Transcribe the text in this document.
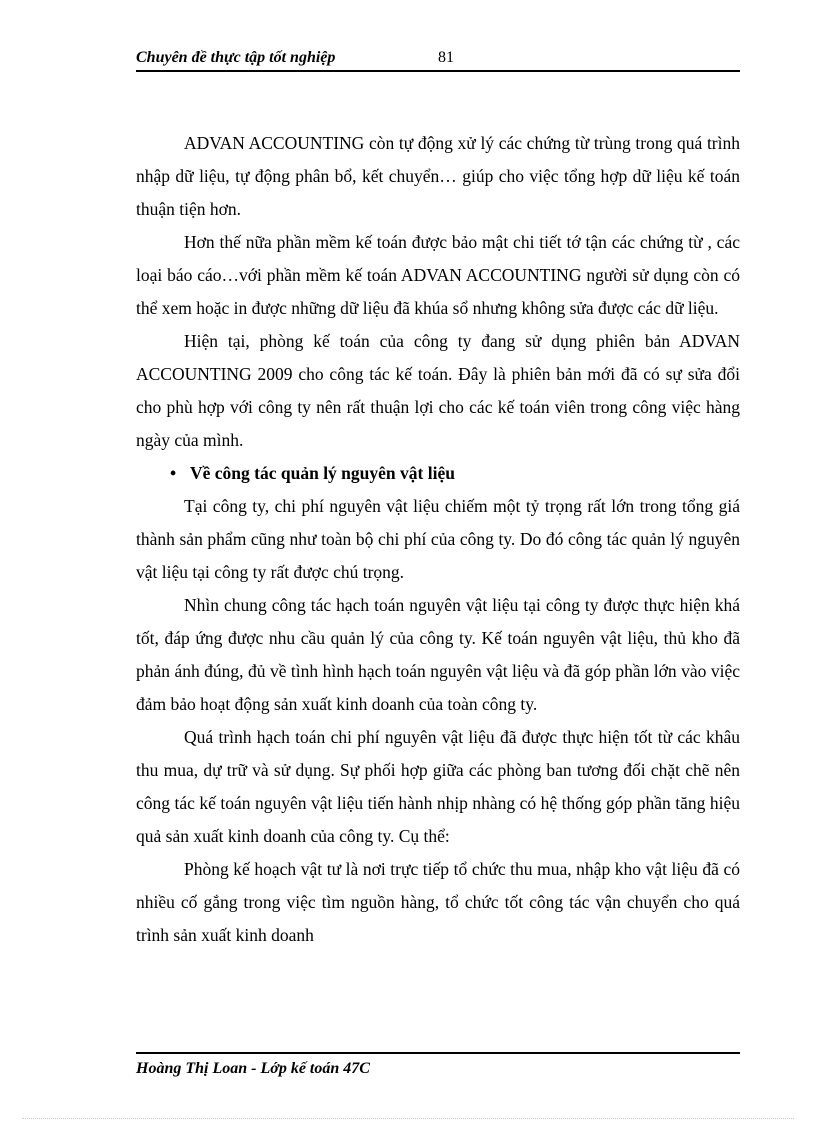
Chuyên đề thực tập tốt nghiệp	81

ADVAN ACCOUNTING còn tự động xử lý các chứng từ trùng trong quá trình nhập dữ liệu, tự động phân bổ, kết chuyển… giúp cho việc tổng hợp dữ liệu kế toán thuận tiện hơn.

Hơn thế nữa phần mềm kế toán được bảo mật chi tiết tớ tận các chứng từ , các loại báo cáo…với phần mềm kế toán ADVAN ACCOUNTING người sử dụng còn có thể xem hoặc in được những dữ liệu đã khúa sổ nhưng không sửa được các dữ liệu.

Hiện tại, phòng kế toán của công ty đang sử dụng phiên bản ADVAN ACCOUNTING 2009 cho công tác kế toán. Đây là phiên bản mới đã có sự sửa đổi cho phù hợp với công ty nên rất thuận lợi cho các kế toán viên trong công việc hàng ngày của mình.

• Về công tác quản lý nguyên vật liệu

Tại công ty, chi phí nguyên vật liệu chiếm một tỷ trọng rất lớn trong tổng giá thành sản phẩm cũng như toàn bộ chi phí của công ty. Do đó công tác quản lý nguyên vật liệu tại công ty rất được chú trọng.

Nhìn chung công tác hạch toán nguyên vật liệu tại công ty được thực hiện khá tốt, đáp ứng được nhu cầu quản lý của công ty. Kế toán nguyên vật liệu, thủ kho đã phản ánh đúng, đủ về tình hình hạch toán nguyên vật liệu và đã góp phần lớn vào việc đảm bảo hoạt động sản xuất kinh doanh của toàn công ty.

Quá trình hạch toán chi phí nguyên vật liệu đã được thực hiện tốt từ các khâu thu mua, dự trữ và sử dụng. Sự phối hợp giữa các phòng ban tương đối chặt chẽ nên công tác kế toán nguyên vật liệu tiến hành nhịp nhàng có hệ thống góp phần tăng hiệu quả sản xuất kinh doanh của công ty. Cụ thể:

Phòng kế hoạch vật tư là nơi trực tiếp tổ chức thu mua, nhập kho vật liệu đã có nhiều cố gắng trong việc tìm nguồn hàng, tổ chức tốt công tác vận chuyển cho quá trình sản xuất kinh doanh

Hoàng Thị Loan - Lớp kế toán 47C
